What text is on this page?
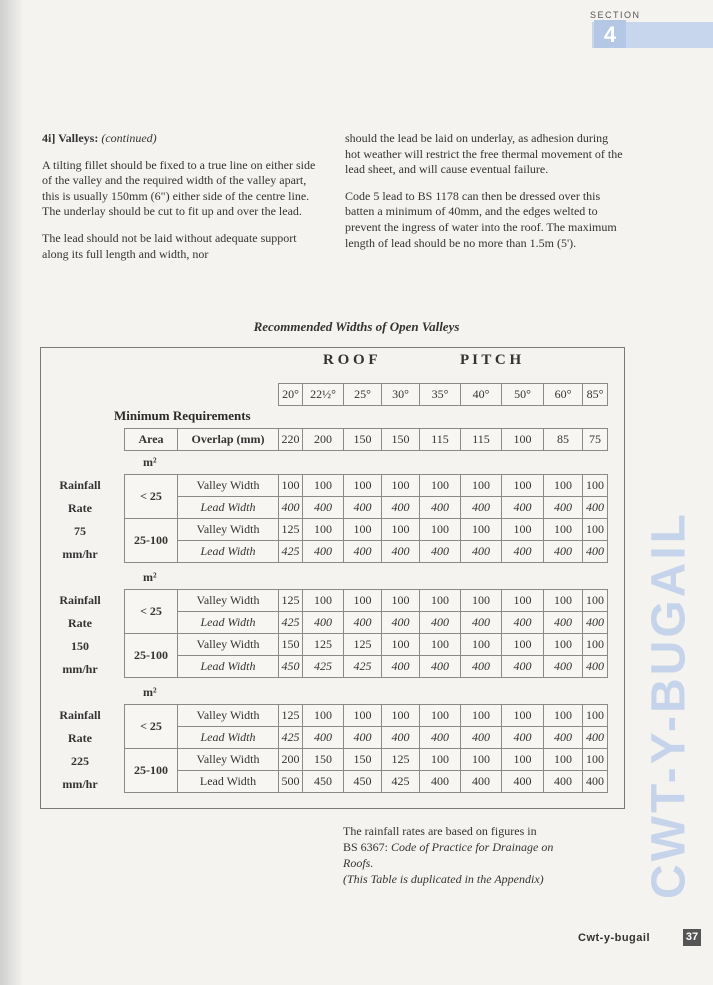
SECTION
4

4i] Valleys: (continued)

A tilting fillet should be fixed to a true line on either side of the valley and the required width of the valley apart, this is usually 150mm (6") either side of the centre line. The underlay should be cut to fit up and over the lead.

The lead should not be laid without adequate support along its full length and width, nor

should the lead be laid on underlay, as adhesion during hot weather will restrict the free thermal movement of the lead sheet, and will cause eventual failure.

Code 5 lead to BS 1178 can then be dressed over this batten a minimum of 40mm, and the edges welted to prevent the ingress of water into the roof. The maximum length of lead should be no more than 1.5m (5').

Recommended Widths of Open Valleys
R O O F	P I T C H
20°	22½°	25°	30°	35°	40°	50°	60°	85°
Minimum Requirements
Area	Overlap (mm)	220	200	150	150	115	115	100	85	75
m²
Rainfall
Rate
75
mm/hr
< 25	Valley Width	100	100	100	100	100	100	100	100	100
	Lead Width	400	400	400	400	400	400	400	400	400
25-100	Valley Width	125	100	100	100	100	100	100	100	100
	Lead Width	425	400	400	400	400	400	400	400	400
m²
Rainfall
Rate
150
mm/hr
< 25	Valley Width	125	100	100	100	100	100	100	100	100
	Lead Width	425	400	400	400	400	400	400	400	400
25-100	Valley Width	150	125	125	100	100	100	100	100	100
	Lead Width	450	425	425	400	400	400	400	400	400
m²
Rainfall
Rate
225
mm/hr
< 25	Valley Width	125	100	100	100	100	100	100	100	100
	Lead Width	425	400	400	400	400	400	400	400	400
25-100	Valley Width	200	150	150	125	100	100	100	100	100
	Lead Width	500	450	450	425	400	400	400	400	400
The rainfall rates are based on figures in
BS 6367: Code of Practice for Drainage on
Roofs.
(This Table is duplicated in the Appendix)	CWT-Y-BUGAIL
Cwt-y-bugail	37
